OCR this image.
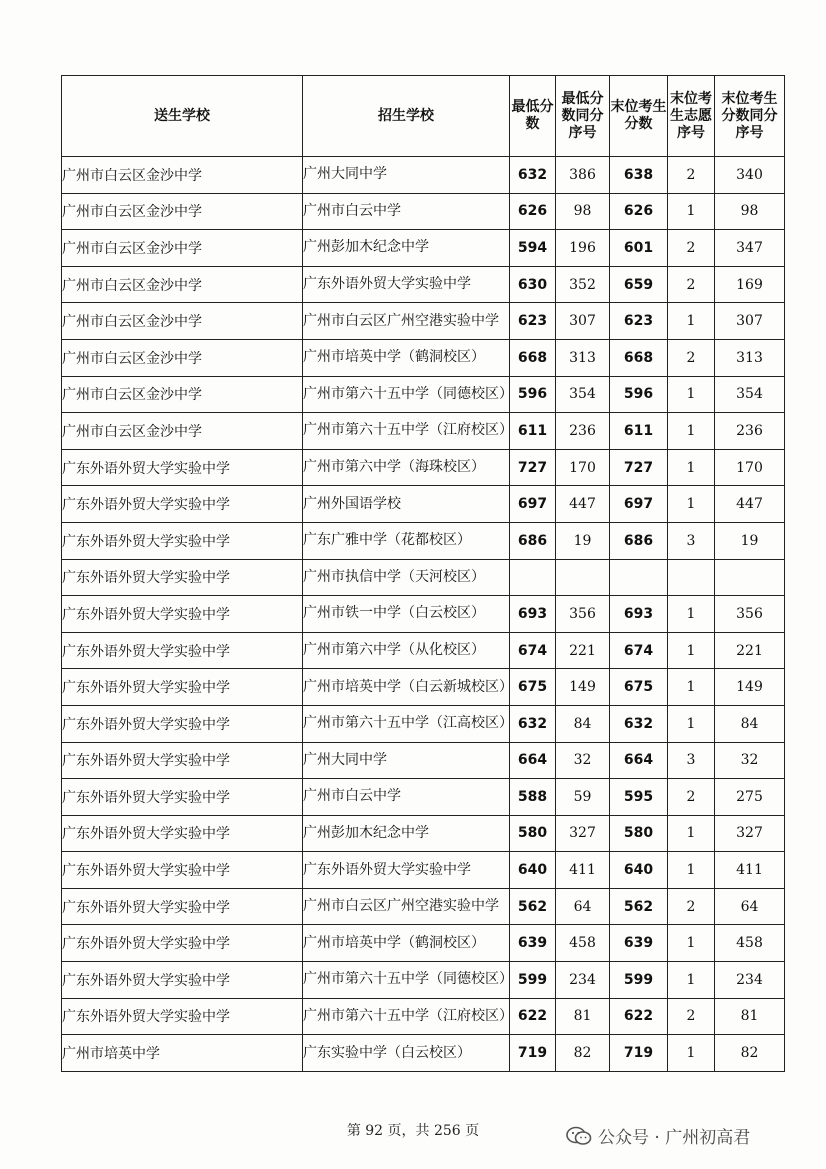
送生学校	招生学校	最低分数	最低分数同分序号	末位考生分数	末位考生志愿序号	末位考生分数同分序号
广州市白云区金沙中学	广州大同中学	632	386	638	2	340
广州市白云区金沙中学	广州市白云中学	626	98	626	1	98
广州市白云区金沙中学	广州彭加木纪念中学	594	196	601	2	347
广州市白云区金沙中学	广东外语外贸大学实验中学	630	352	659	2	169
广州市白云区金沙中学	广州市白云区广州空港实验中学	623	307	623	1	307
广州市白云区金沙中学	广州市培英中学（鹤洞校区）	668	313	668	2	313
广州市白云区金沙中学	广州市第六十五中学（同德校区）	596	354	596	1	354
广州市白云区金沙中学	广州市第六十五中学（江府校区）	611	236	611	1	236
广东外语外贸大学实验中学	广州市第六中学（海珠校区）	727	170	727	1	170
广东外语外贸大学实验中学	广州外国语学校	697	447	697	1	447
广东外语外贸大学实验中学	广东广雅中学（花都校区）	686	19	686	3	19
广东外语外贸大学实验中学	广州市执信中学（天河校区）					
广东外语外贸大学实验中学	广州市铁一中学（白云校区）	693	356	693	1	356
广东外语外贸大学实验中学	广州市第六中学（从化校区）	674	221	674	1	221
广东外语外贸大学实验中学	广州市培英中学（白云新城校区）	675	149	675	1	149
广东外语外贸大学实验中学	广州市第六十五中学（江高校区）	632	84	632	1	84
广东外语外贸大学实验中学	广州大同中学	664	32	664	3	32
广东外语外贸大学实验中学	广州市白云中学	588	59	595	2	275
广东外语外贸大学实验中学	广州彭加木纪念中学	580	327	580	1	327
广东外语外贸大学实验中学	广东外语外贸大学实验中学	640	411	640	1	411
广东外语外贸大学实验中学	广州市白云区广州空港实验中学	562	64	562	2	64
广东外语外贸大学实验中学	广州市培英中学（鹤洞校区）	639	458	639	1	458
广东外语外贸大学实验中学	广州市第六十五中学（同德校区）	599	234	599	1	234
广东外语外贸大学实验中学	广州市第六十五中学（江府校区）	622	81	622	2	81
广州市培英中学	广东实验中学（白云校区）	719	82	719	1	82
第 92 页，共 256 页	公众号 · 广州初高君
